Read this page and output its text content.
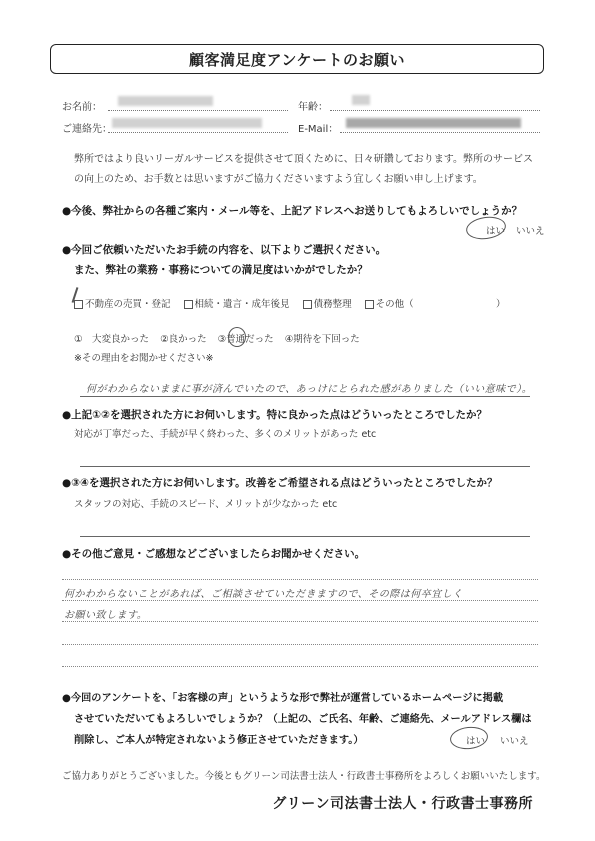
顧客満足度アンケートのお願い
お名前：	年齢：
ご連絡先：	E-Mail：
弊所ではより良いリーガルサービスを提供させて頂くために、日々研鑽しております。弊所のサービスの向上のため、お手数とは思いますがご協力くださいますよう宜しくお願い申し上げます。
●今後、弊社からの各種ご案内・メール等を、上記アドレスへお送りしてもよろしいでしょうか？
はい いいえ
●今回ご依頼いただいたお手続の内容を、以下よりご選択ください。
また、弊社の業務・事務についての満足度はいかがでしたか？
不動産の売買・登記	相続・遺言・成年後見	債務整理	その他（	）
①　大変良かった ②良かった ③普通だった ④期待を下回った
※その理由をお聞かせください※
何がわからないままに事が済んでいたので、あっけにとられた感がありました（いい意味で）。
●上記①②を選択された方にお伺いします。特に良かった点はどういったところでしたか？
対応が丁寧だった、手続が早く終わった、多くのメリットがあった etc
●③④を選択された方にお伺いします。改善をご希望される点はどういったところでしたか？
スタッフの対応、手続のスピード、メリットが少なかった etc
●その他ご意見・ご感想などございましたらお聞かせください。
何かわからないことがあれば、ご相談させていただきますので、その際は何卒宜しく
お願い致します。
●今回のアンケートを、「お客様の声」というような形で弊社が運営しているホームページに掲載
させていただいてもよろしいでしょうか？（上記の、ご氏名、年齢、ご連絡先、メールアドレス欄は
削除し、ご本人が特定されないよう修正させていただきます。）	はい いいえ
ご協力ありがとうございました。今後ともグリーン司法書士法人・行政書士事務所をよろしくお願いいたします。
グリーン司法書士法人・行政書士事務所
